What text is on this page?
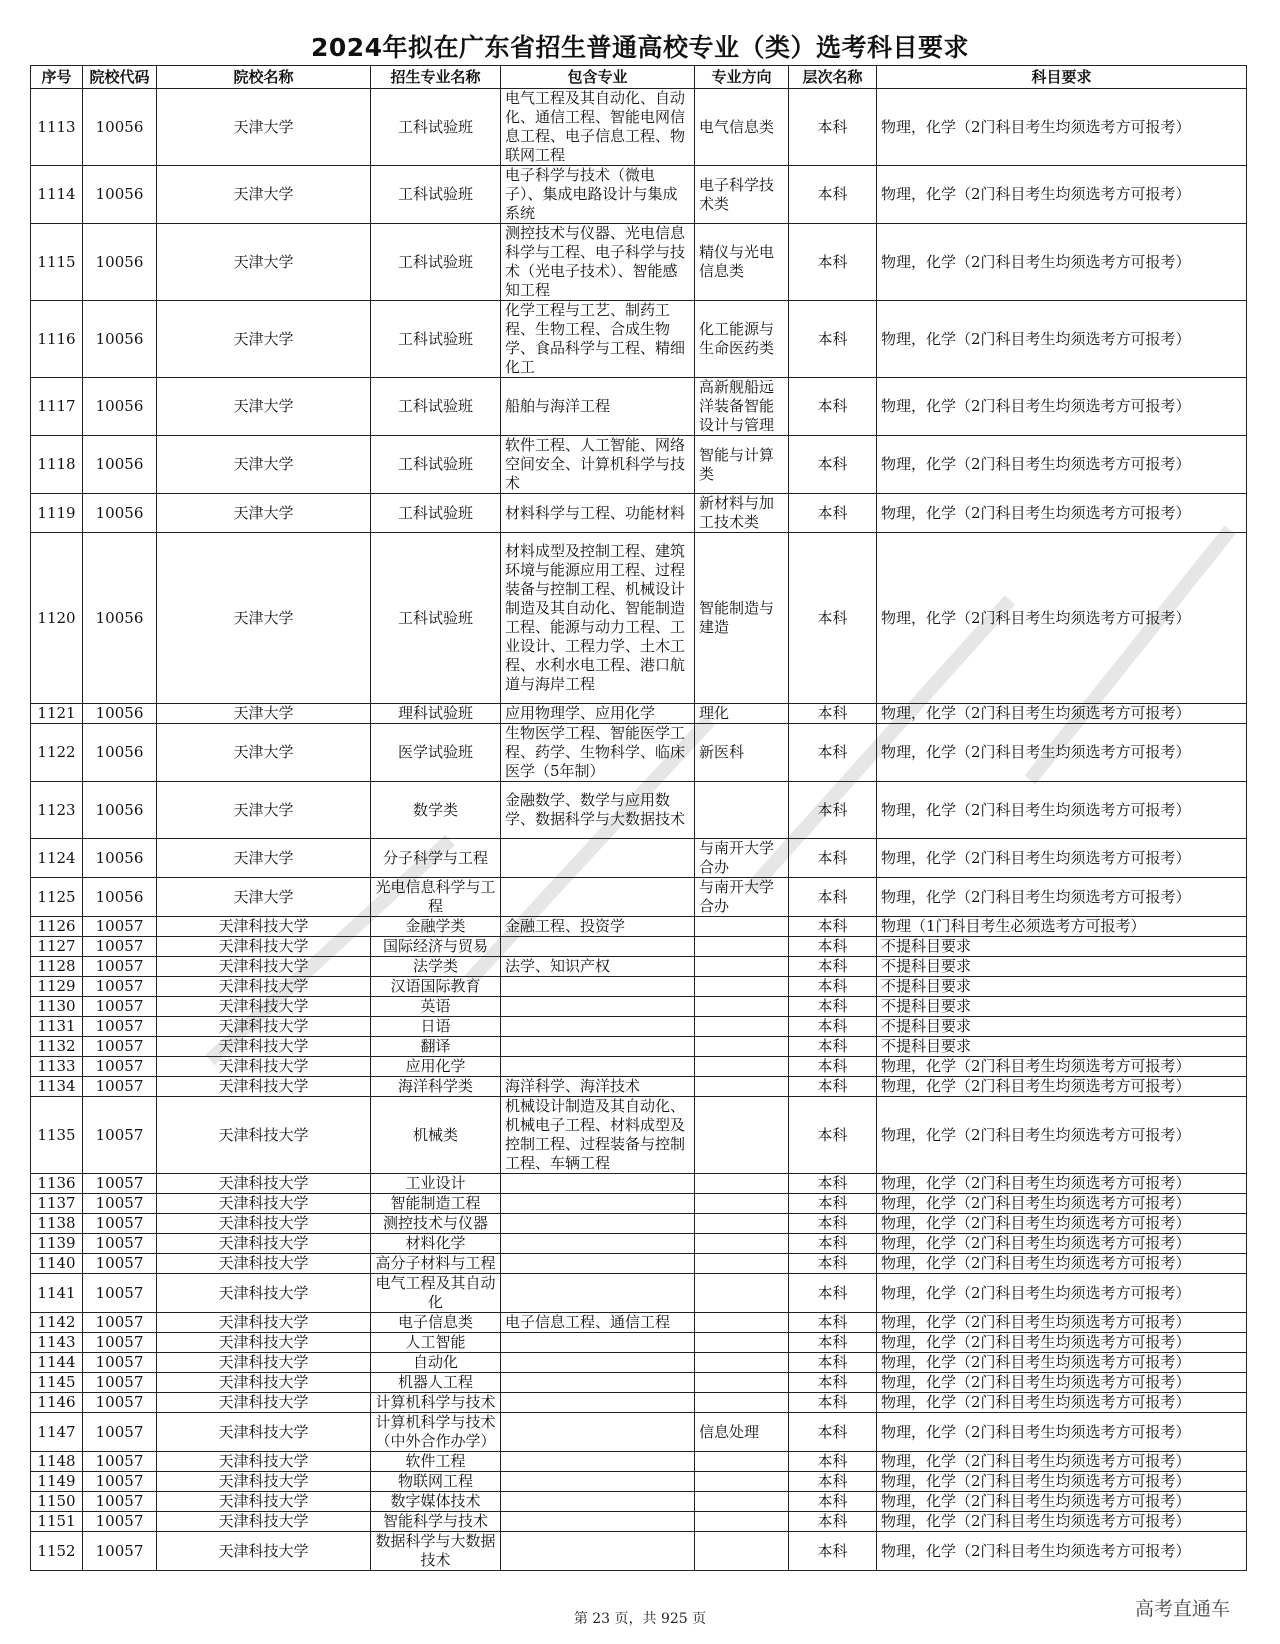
2024年拟在广东省招生普通高校专业（类）选考科目要求
序号	院校代码	院校名称	招生专业名称	包含专业	专业方向	层次名称	科目要求
1113	10056	天津大学	工科试验班	电气工程及其自动化、自动化、通信工程、智能电网信息工程、电子信息工程、物联网工程	电气信息类	本科	物理，化学（2门科目考生均须选考方可报考）
1114	10056	天津大学	工科试验班	电子科学与技术（微电子）、集成电路设计与集成系统	电子科学技术类	本科	物理，化学（2门科目考生均须选考方可报考）
1115	10056	天津大学	工科试验班	测控技术与仪器、光电信息科学与工程、电子科学与技术（光电子技术）、智能感知工程	精仪与光电信息类	本科	物理，化学（2门科目考生均须选考方可报考）
1116	10056	天津大学	工科试验班	化学工程与工艺、制药工程、生物工程、合成生物学、食品科学与工程、精细化工	化工能源与生命医药类	本科	物理，化学（2门科目考生均须选考方可报考）
1117	10056	天津大学	工科试验班	船舶与海洋工程	高新舰船远洋装备智能设计与管理	本科	物理，化学（2门科目考生均须选考方可报考）
1118	10056	天津大学	工科试验班	软件工程、人工智能、网络空间安全、计算机科学与技术	智能与计算类	本科	物理，化学（2门科目考生均须选考方可报考）
1119	10056	天津大学	工科试验班	材料科学与工程、功能材料	新材料与加工技术类	本科	物理，化学（2门科目考生均须选考方可报考）
1120	10056	天津大学	工科试验班	材料成型及控制工程、建筑环境与能源应用工程、过程装备与控制工程、机械设计制造及其自动化、智能制造工程、能源与动力工程、工业设计、工程力学、土木工程、水利水电工程、港口航道与海岸工程	智能制造与建造	本科	物理，化学（2门科目考生均须选考方可报考）
1121	10056	天津大学	理科试验班	应用物理学、应用化学	理化	本科	物理，化学（2门科目考生均须选考方可报考）
1122	10056	天津大学	医学试验班	生物医学工程、智能医学工程、药学、生物科学、临床医学（5年制）	新医科	本科	物理，化学（2门科目考生均须选考方可报考）
1123	10056	天津大学	数学类	金融数学、数学与应用数学、数据科学与大数据技术		本科	物理，化学（2门科目考生均须选考方可报考）
1124	10056	天津大学	分子科学与工程		与南开大学合办	本科	物理，化学（2门科目考生均须选考方可报考）
1125	10056	天津大学	光电信息科学与工程		与南开大学合办	本科	物理，化学（2门科目考生均须选考方可报考）
1126	10057	天津科技大学	金融学类	金融工程、投资学		本科	物理（1门科目考生必须选考方可报考）
1127	10057	天津科技大学	国际经济与贸易			本科	不提科目要求
1128	10057	天津科技大学	法学类	法学、知识产权		本科	不提科目要求
1129	10057	天津科技大学	汉语国际教育			本科	不提科目要求
1130	10057	天津科技大学	英语			本科	不提科目要求
1131	10057	天津科技大学	日语			本科	不提科目要求
1132	10057	天津科技大学	翻译			本科	不提科目要求
1133	10057	天津科技大学	应用化学			本科	物理，化学（2门科目考生均须选考方可报考）
1134	10057	天津科技大学	海洋科学类	海洋科学、海洋技术		本科	物理，化学（2门科目考生均须选考方可报考）
1135	10057	天津科技大学	机械类	机械设计制造及其自动化、机械电子工程、材料成型及控制工程、过程装备与控制工程、车辆工程		本科	物理，化学（2门科目考生均须选考方可报考）
1136	10057	天津科技大学	工业设计			本科	物理，化学（2门科目考生均须选考方可报考）
1137	10057	天津科技大学	智能制造工程			本科	物理，化学（2门科目考生均须选考方可报考）
1138	10057	天津科技大学	测控技术与仪器			本科	物理，化学（2门科目考生均须选考方可报考）
1139	10057	天津科技大学	材料化学			本科	物理，化学（2门科目考生均须选考方可报考）
1140	10057	天津科技大学	高分子材料与工程			本科	物理，化学（2门科目考生均须选考方可报考）
1141	10057	天津科技大学	电气工程及其自动化			本科	物理，化学（2门科目考生均须选考方可报考）
1142	10057	天津科技大学	电子信息类	电子信息工程、通信工程		本科	物理，化学（2门科目考生均须选考方可报考）
1143	10057	天津科技大学	人工智能			本科	物理，化学（2门科目考生均须选考方可报考）
1144	10057	天津科技大学	自动化			本科	物理，化学（2门科目考生均须选考方可报考）
1145	10057	天津科技大学	机器人工程			本科	物理，化学（2门科目考生均须选考方可报考）
1146	10057	天津科技大学	计算机科学与技术			本科	物理，化学（2门科目考生均须选考方可报考）
1147	10057	天津科技大学	计算机科学与技术（中外合作办学）		信息处理	本科	物理，化学（2门科目考生均须选考方可报考）
1148	10057	天津科技大学	软件工程			本科	物理，化学（2门科目考生均须选考方可报考）
1149	10057	天津科技大学	物联网工程			本科	物理，化学（2门科目考生均须选考方可报考）
1150	10057	天津科技大学	数字媒体技术			本科	物理，化学（2门科目考生均须选考方可报考）
1151	10057	天津科技大学	智能科学与技术			本科	物理，化学（2门科目考生均须选考方可报考）
1152	10057	天津科技大学	数据科学与大数据技术			本科	物理，化学（2门科目考生均须选考方可报考）
第 23 页，共 925 页	高考直通车
